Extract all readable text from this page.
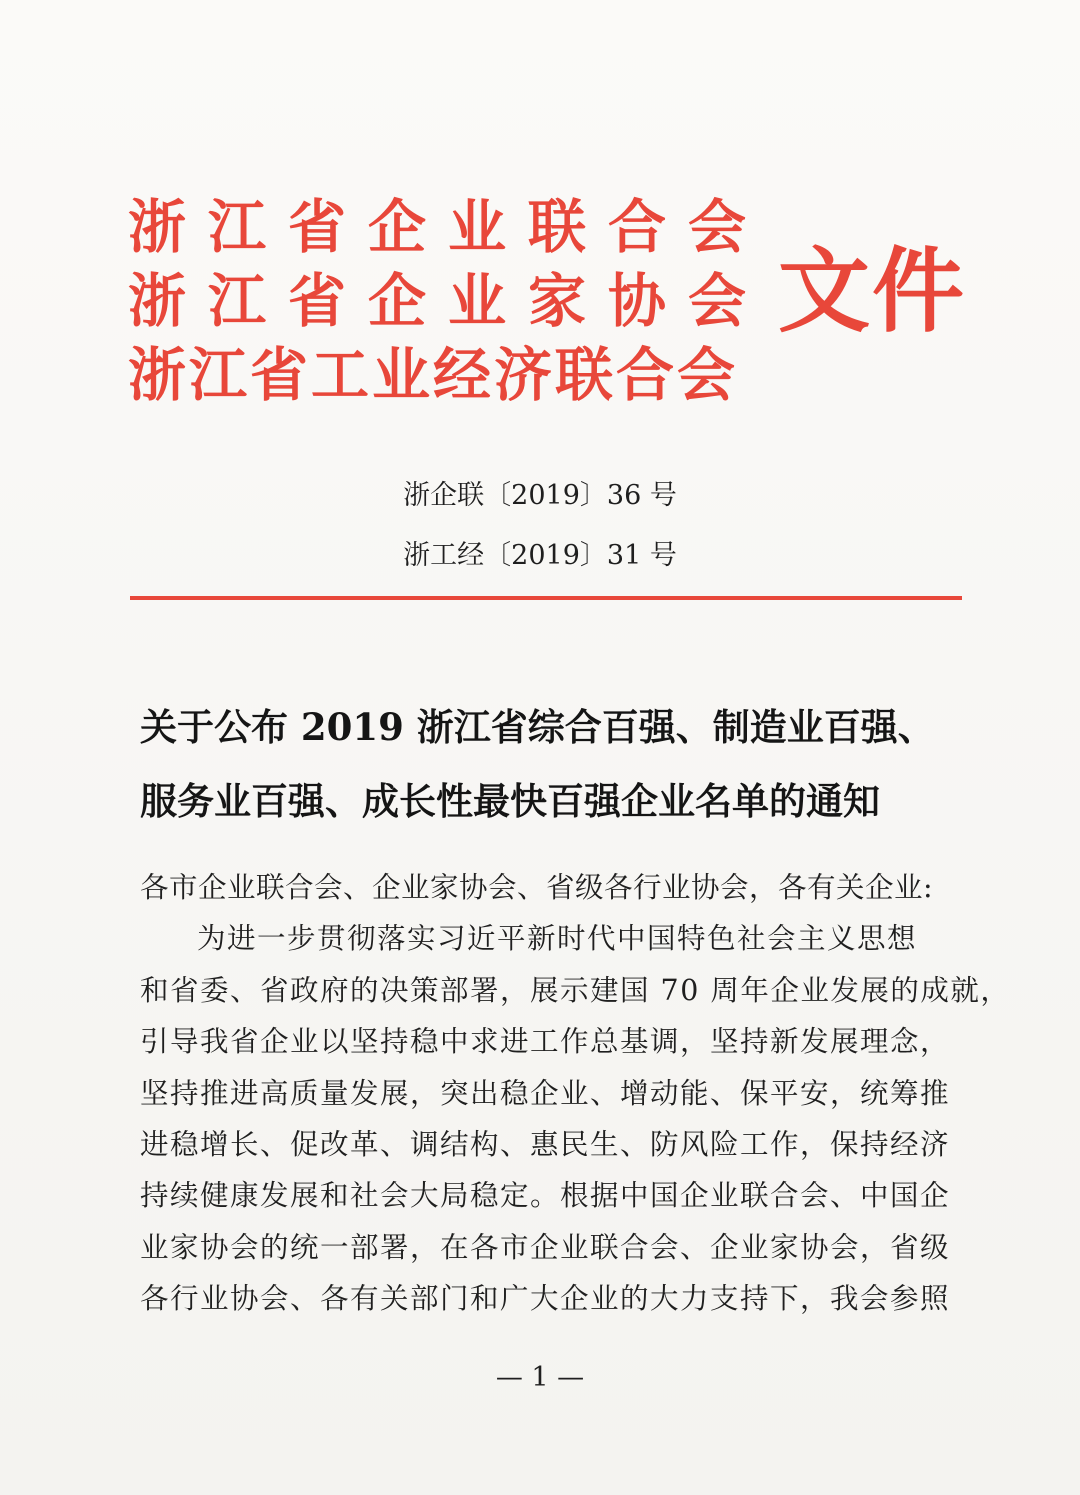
浙江省企业联合会
浙江省企业家协会
浙江省工业经济联合会
文件
浙企联〔2019〕36 号
浙工经〔2019〕31 号
关于公布 2019 浙江省综合百强、制造业百强、
服务业百强、成长性最快百强企业名单的通知
各市企业联合会、企业家协会、省级各行业协会，各有关企业:
为进一步贯彻落实习近平新时代中国特色社会主义思想
和省委、省政府的决策部署，展示建国 70 周年企业发展的成就，
引导我省企业以坚持稳中求进工作总基调，坚持新发展理念，
坚持推进高质量发展，突出稳企业、增动能、保平安，统筹推
进稳增长、促改革、调结构、惠民生、防风险工作，保持经济
持续健康发展和社会大局稳定。根据中国企业联合会、中国企
业家协会的统一部署，在各市企业联合会、企业家协会，省级
各行业协会、各有关部门和广大企业的大力支持下，我会参照
— 1 —
